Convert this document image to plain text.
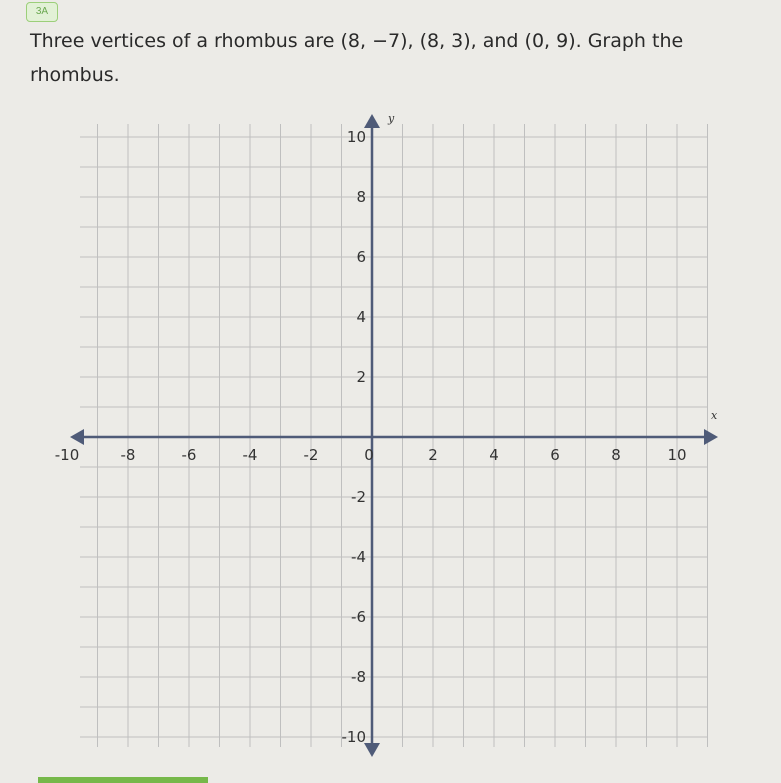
3A
Three vertices of a rhombus are (8, −7), (8, 3), and (0, 9). Graph the
rhombus.
-10	-8	-6	-4	-2	0	2	4	6	8	10
10
8
6
4
2
-2
-4
-6
-8
-10
x
y
